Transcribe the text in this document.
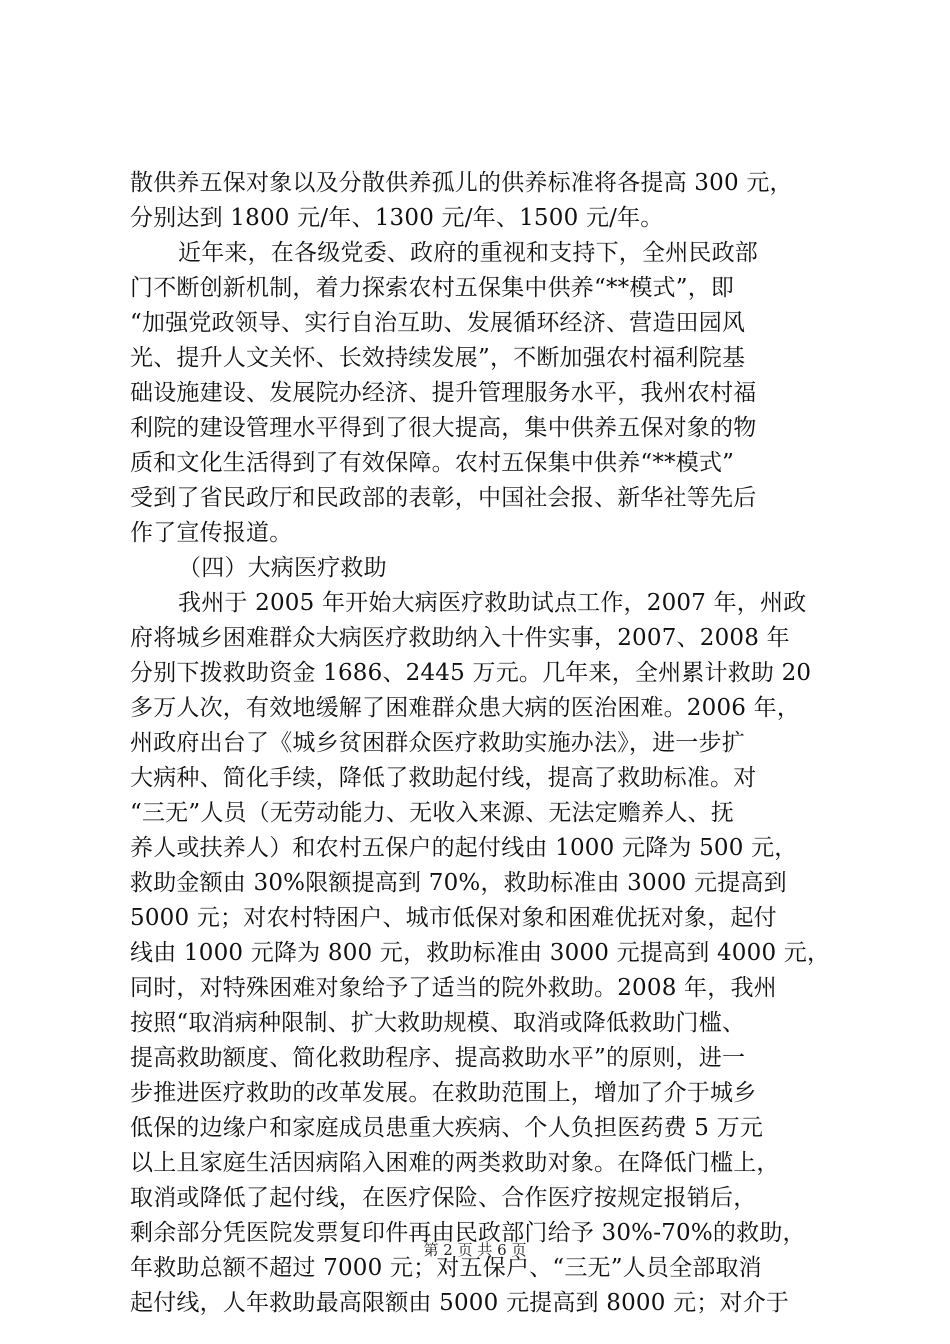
散供养五保对象以及分散供养孤儿的供养标准将各提高 300 元，
分别达到 1800 元/年、1300 元/年、1500 元/年。
近年来，在各级党委、政府的重视和支持下，全州民政部
门不断创新机制，着力探索农村五保集中供养“**模式”，即
“加强党政领导、实行自治互助、发展循环经济、营造田园风
光、提升人文关怀、长效持续发展”，不断加强农村福利院基
础设施建设、发展院办经济、提升管理服务水平，我州农村福
利院的建设管理水平得到了很大提高，集中供养五保对象的物
质和文化生活得到了有效保障。农村五保集中供养“**模式”
受到了省民政厅和民政部的表彰，中国社会报、新华社等先后
作了宣传报道。
（四）大病医疗救助
我州于 2005 年开始大病医疗救助试点工作，2007 年，州政
府将城乡困难群众大病医疗救助纳入十件实事，2007、2008 年
分别下拨救助资金 1686、2445 万元。几年来，全州累计救助 20
多万人次，有效地缓解了困难群众患大病的医治困难。2006 年，
州政府出台了《城乡贫困群众医疗救助实施办法》，进一步扩
大病种、简化手续，降低了救助起付线，提高了救助标准。对
“三无”人员（无劳动能力、无收入来源、无法定赡养人、抚
养人或扶养人）和农村五保户的起付线由 1000 元降为 500 元，
救助金额由 30%限额提高到 70%，救助标准由 3000 元提高到
5000 元；对农村特困户、城市低保对象和困难优抚对象，起付
线由 1000 元降为 800 元，救助标准由 3000 元提高到 4000 元，
同时，对特殊困难对象给予了适当的院外救助。2008 年，我州
按照“取消病种限制、扩大救助规模、取消或降低救助门槛、
提高救助额度、简化救助程序、提高救助水平”的原则，进一
步推进医疗救助的改革发展。在救助范围上，增加了介于城乡
低保的边缘户和家庭成员患重大疾病、个人负担医药费 5 万元
以上且家庭生活因病陷入困难的两类救助对象。在降低门槛上，
取消或降低了起付线，在医疗保险、合作医疗按规定报销后，
剩余部分凭医院发票复印件再由民政部门给予 30%-70%的救助，
年救助总额不超过 7000 元；对五保户、“三无”人员全部取消
起付线，人年救助最高限额由 5000 元提高到 8000 元；对介于
第 2 页 共 6 页
